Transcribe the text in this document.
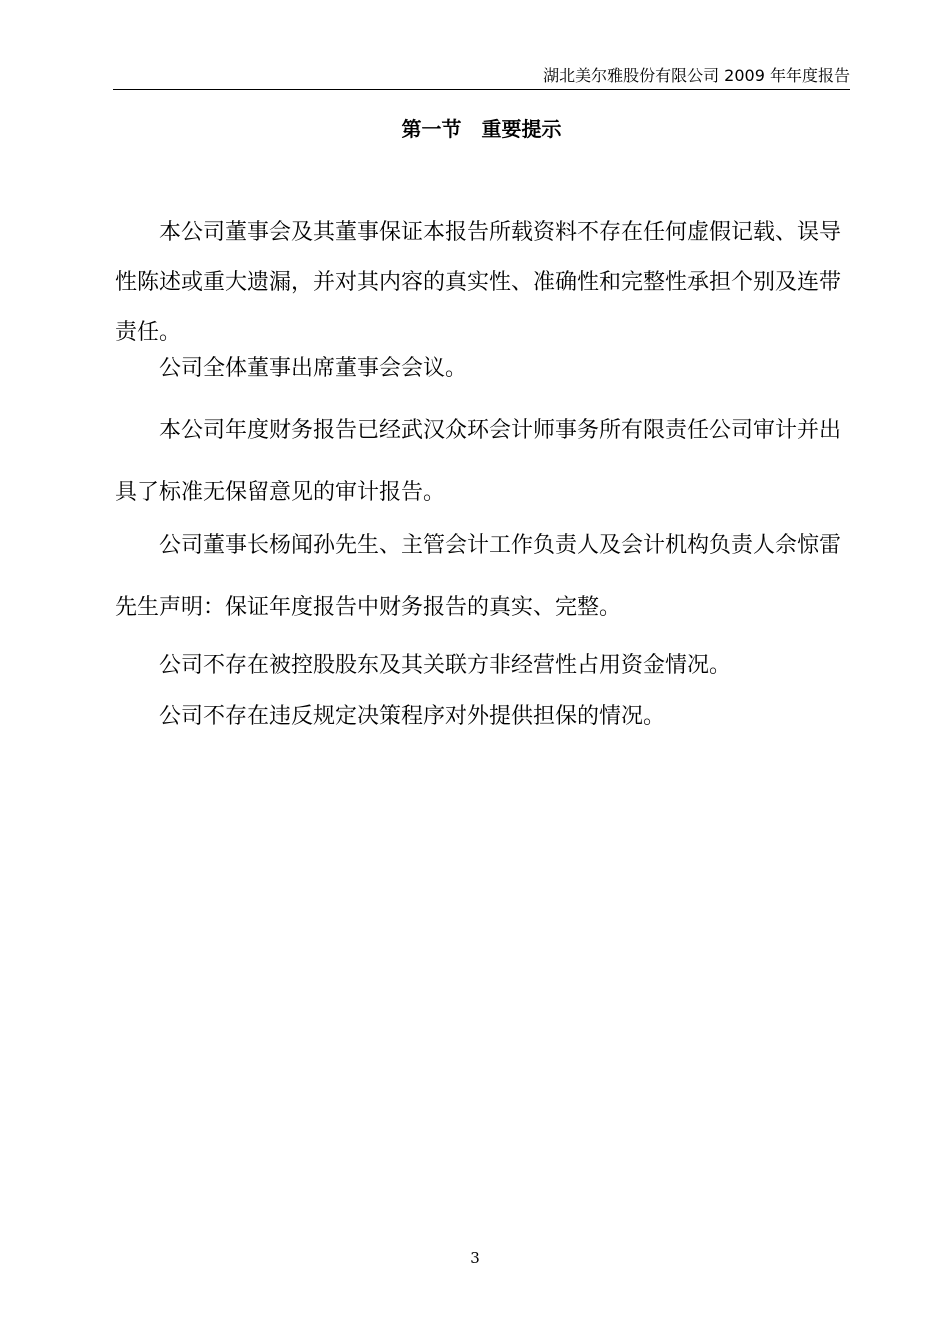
湖北美尔雅股份有限公司 2009 年年度报告
第一节　重要提示

本公司董事会及其董事保证本报告所载资料不存在任何虚假记载、误导性陈述或重大遗漏，并对其内容的真实性、准确性和完整性承担个别及连带责任。

公司全体董事出席董事会会议。

本公司年度财务报告已经武汉众环会计师事务所有限责任公司审计并出具了标准无保留意见的审计报告。

公司董事长杨闻孙先生、主管会计工作负责人及会计机构负责人佘惊雷先生声明：保证年度报告中财务报告的真实、完整。

公司不存在被控股股东及其关联方非经营性占用资金情况。

公司不存在违反规定决策程序对外提供担保的情况。

3
